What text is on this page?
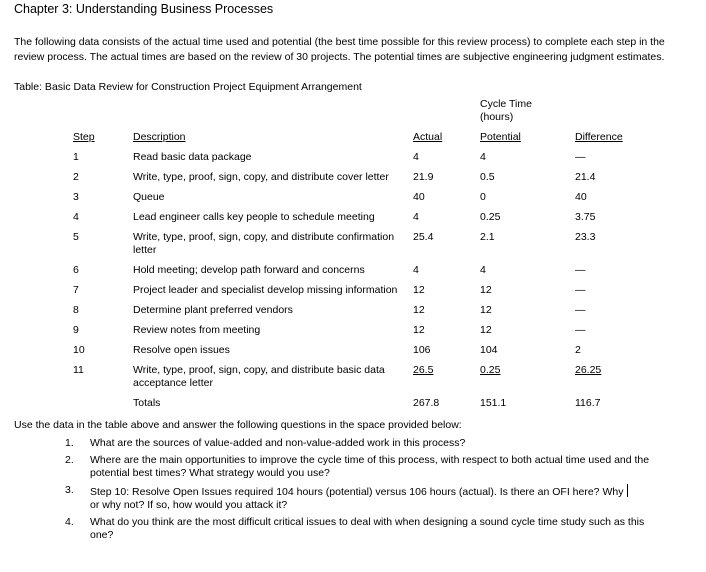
Chapter 3: Understanding Business Processes

The following data consists of the actual time used and potential (the best time possible for this review process) to complete each step in the review process. The actual times are based on the review of 30 projects. The potential times are subjective engineering judgment estimates.

Table: Basic Data Review for Construction Project Equipment Arrangement

			Cycle Time
(hours)	

Step	Description	Actual	Potential	Difference
1	Read basic data package	4	4	—
2	Write, type, proof, sign, copy, and distribute cover letter	21.9	0.5	21.4
3	Queue	40	0	40
4	Lead engineer calls key people to schedule meeting	4	0.25	3.75
5	Write, type, proof, sign, copy, and distribute confirmation letter	25.4	2.1	23.3
6	Hold meeting; develop path forward and concerns	4	4	—
7	Project leader and specialist develop missing information	12	12	—
8	Determine plant preferred vendors	12	12	—
9	Review notes from meeting	12	12	—
10	Resolve open issues	106	104	2
11	Write, type, proof, sign, copy, and distribute basic data acceptance letter	26.5	0.25	26.25
	Totals	267.8	151.1	116.7
Use the data in the table above and answer the following questions in the space provided below:
1.	What are the sources of value-added and non-value-added work in this process?
2.	Where are the main opportunities to improve the cycle time of this process, with respect to both actual time used and the potential best times? What strategy would you use?
3.	Step 10: Resolve Open Issues required 104 hours (potential) versus 106 hours (actual). Is there an OFI here? Why
or why not? If so, how would you attack it?
4.	What do you think are the most difficult critical issues to deal with when designing a sound cycle time study such as this one?
